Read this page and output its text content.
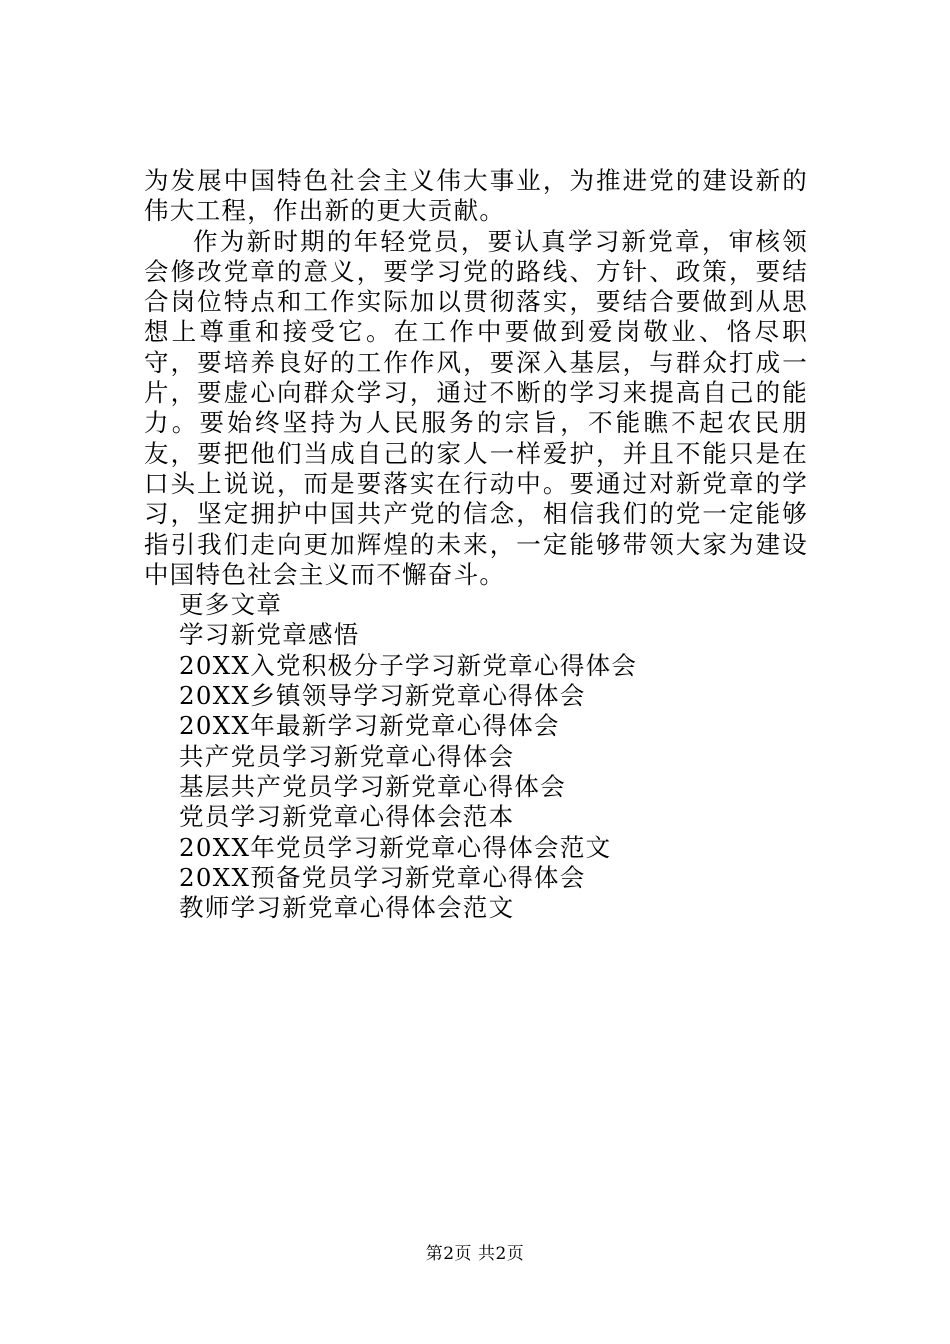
为发展中国特色社会主义伟大事业，为推进党的建设新的伟大工程，作出新的更大贡献。

作为新时期的年轻党员，要认真学习新党章，审核领会修改党章的意义，要学习党的路线、方针、政策，要结合岗位特点和工作实际加以贯彻落实，要结合要做到从思想上尊重和接受它。在工作中要做到爱岗敬业、恪尽职守，要培养良好的工作作风，要深入基层，与群众打成一片，要虚心向群众学习，通过不断的学习来提高自己的能力。要始终坚持为人民服务的宗旨，不能瞧不起农民朋友，要把他们当成自己的家人一样爱护，并且不能只是在口头上说说，而是要落实在行动中。要通过对新党章的学习，坚定拥护中国共产党的信念，相信我们的党一定能够指引我们走向更加辉煌的未来，一定能够带领大家为建设中国特色社会主义而不懈奋斗。

更多文章
学习新党章感悟
20XX入党积极分子学习新党章心得体会
20XX乡镇领导学习新党章心得体会
20XX年最新学习新党章心得体会
共产党员学习新党章心得体会
基层共产党员学习新党章心得体会
党员学习新党章心得体会范本
20XX年党员学习新党章心得体会范文
20XX预备党员学习新党章心得体会
教师学习新党章心得体会范文
第2页 共2页
